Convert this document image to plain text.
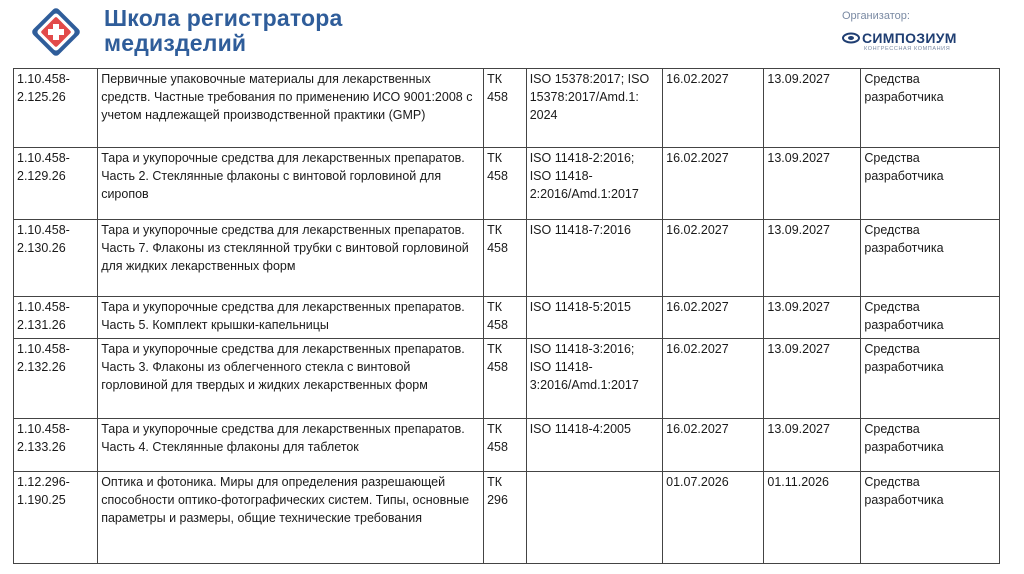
Школа регистратора
медизделий
Организатор:
СИМПОЗИУМ
КОНГРЕССНАЯ КОМПАНИЯ
1.10.458-2.125.26	Первичные упаковочные материалы для лекарственных средств. Частные требования по применению ИСО 9001:2008 с учетом надлежащей производственной практики (GMP)	ТК 458	ISO 15378:2017; ISO 15378:2017/Amd.1: 2024	16.02.2027	13.09.2027	Средства разработчика
1.10.458-2.129.26	Тара и укупорочные средства для лекарственных препаратов. Часть 2. Стеклянные флаконы с винтовой горловиной для сиропов	ТК 458	ISO 11418-2:2016; ISO 11418-2:2016/Amd.1:2017	16.02.2027	13.09.2027	Средства разработчика
1.10.458-2.130.26	Тара и укупорочные средства для лекарственных препаратов. Часть 7. Флаконы из стеклянной трубки с винтовой горловиной для жидких лекарственных форм	ТК 458	ISO 11418-7:2016	16.02.2027	13.09.2027	Средства разработчика
1.10.458-2.131.26	Тара и укупорочные средства для лекарственных препаратов. Часть 5. Комплект крышки-капельницы	ТК 458	ISO 11418-5:2015	16.02.2027	13.09.2027	Средства разработчика
1.10.458-2.132.26	Тара и укупорочные средства для лекарственных препаратов. Часть 3. Флаконы из облегченного стекла с винтовой горловиной для твердых и жидких лекарственных форм	ТК 458	ISO 11418-3:2016; ISO 11418-3:2016/Amd.1:2017	16.02.2027	13.09.2027	Средства разработчика
1.10.458-2.133.26	Тара и укупорочные средства для лекарственных препаратов. Часть 4. Стеклянные флаконы для таблеток	ТК 458	ISO 11418-4:2005	16.02.2027	13.09.2027	Средства разработчика
1.12.296-1.190.25	Оптика и фотоника. Миры для определения разрешающей способности оптико-фотографических систем. Типы, основные параметры и размеры, общие технические требования	ТК 296		01.07.2026	01.11.2026	Средства разработчика
